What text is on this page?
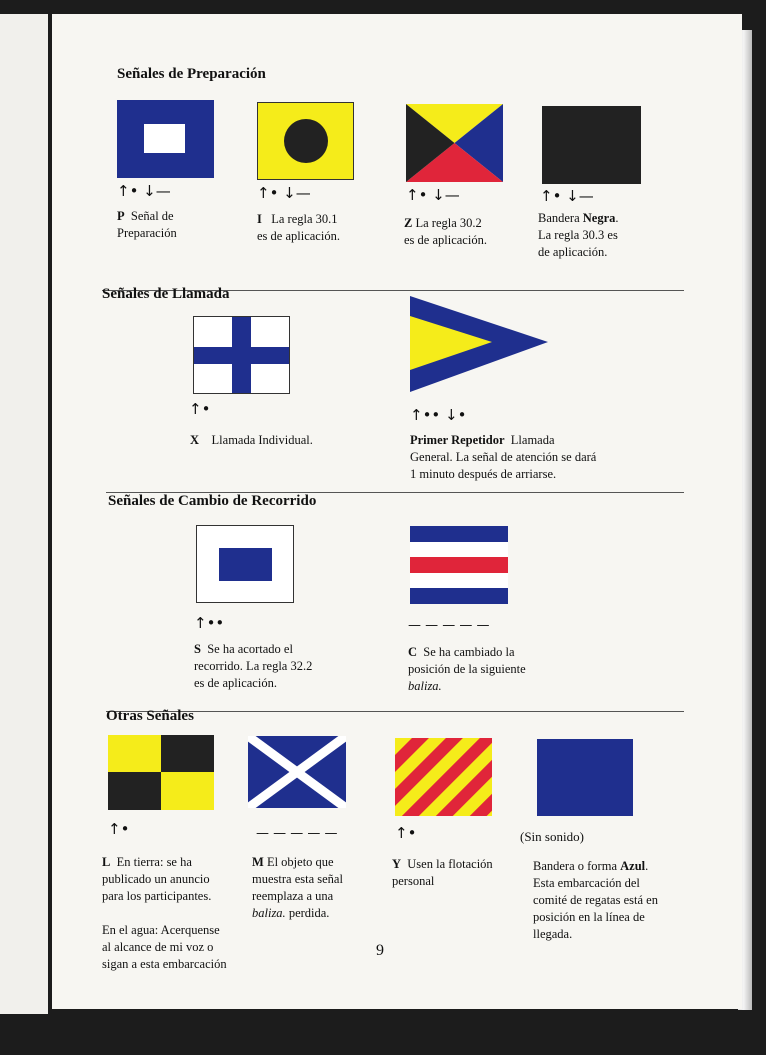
Señales de Preparación
↑• ↓—
P Señal de
Preparación
↑• ↓—
I La regla 30.1
es de aplicación.
↑• ↓—
Z La regla 30.2
es de aplicación.
↑• ↓—
Bandera Negra.
La regla 30.3 es
de aplicación.
Señales de Llamada
↑•
X Llamada Individual.
↑•• ↓•
Primer Repetidor Llamada
General. La señal de atención se dará
1 minuto después de arriarse.
Señales de Cambio de Recorrido
↑••
S Se ha acortado el
recorrido. La regla 32.2
es de aplicación.
— — — — —
C Se ha cambiado la
posición de la siguiente
baliza.
Otras Señales
↑•
L En tierra: se ha
publicado un anuncio
para los participantes.

En el agua: Acerquense
al alcance de mi voz o
sigan a esta embarcación
— — — — —
M El objeto que
muestra esta señal
reemplaza a una
baliza. perdida.
↑•
Y Usen la flotación
personal
(Sin sonido)
Bandera o forma Azul.
Esta embarcación del
comité de regatas está en
posición en la línea de
llegada.
9
